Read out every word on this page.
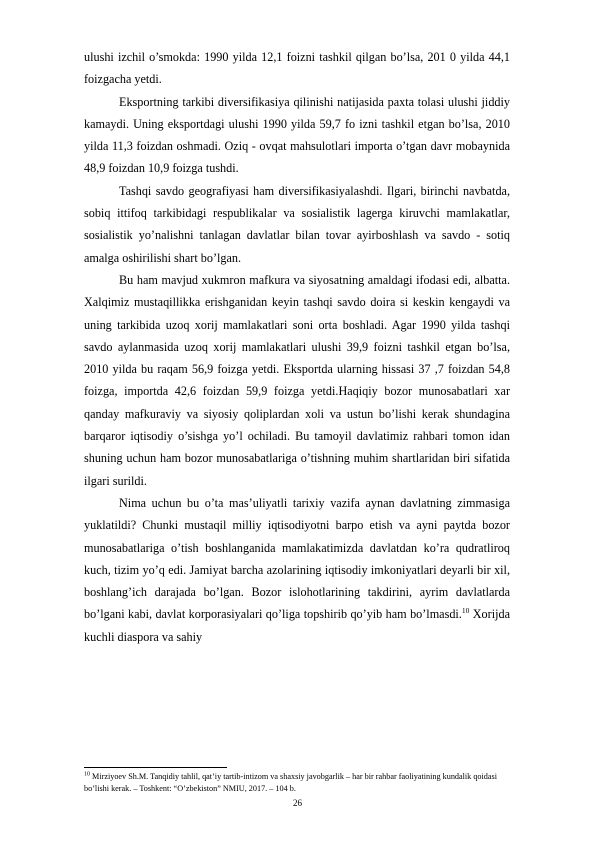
ulushi izchil o’smokda: 1990 yilda 12,1 foizni tashkil qilgan bo’lsa, 201 0 yilda 44,1 foizgacha yetdi.

Eksportning tarkibi diversifikasiya qilinishi natijasida paxta tolasi ulushi jiddiy kamaydi. Uning eksportdagi ulushi 1990 yilda 59,7 fo izni tashkil etgan bo’lsa, 2010 yilda 11,3 foizdan oshmadi. Oziq - ovqat mahsulotlari importa o’tgan davr mobaynida 48,9 foizdan 10,9 foizga tushdi.

Tashqi savdo geografiyasi ham diversifikasiyalashdi. Ilgari, birinchi navbatda, sobiq ittifoq tarkibidagi respublikalar va sosialistik lagerga kiruvchi mamlakatlar, sosialistik yo’nalishni tanlagan davlatlar bilan tovar ayirboshlash va savdo - sotiq amalga oshirilishi shart bo’lgan.

Bu ham mavjud xukmron mafkura va siyosatning amaldagi ifodasi edi, albatta. Xalqimiz mustaqillikka erishganidan keyin tashqi savdo doira si keskin kengaydi va uning tarkibida uzoq xorij mamlakatlari soni orta boshladi. Agar 1990 yilda tashqi savdo aylanmasida uzoq xorij mamlakatlari ulushi 39,9 foizni tashkil etgan bo’lsa, 2010 yilda bu raqam 56,9 foizga yetdi. Eksportda ularning hissasi 37 ,7 foizdan 54,8 foizga, importda 42,6 foizdan 59,9 foizga yetdi.Haqiqiy bozor munosabatlari xar qanday mafkuraviy va siyosiy qoliplardan xoli va ustun bo’lishi kerak shundagina barqaror iqtisodiy o’sishga yo’l ochiladi. Bu tamoyil davlatimiz rahbari tomon idan shuning uchun ham bozor munosabatlariga o’tishning muhim shartlaridan biri sifatida ilgari surildi.

Nima uchun bu o’ta mas’uliyatli tarixiy vazifa aynan davlatning zimmasiga yuklatildi? Chunki mustaqil milliy iqtisodiyotni barpo etish va ayni paytda bozor munosabatlariga o’tish boshlanganida mamlakatimizda davlatdan ko’ra qudratliroq kuch, tizim yo’q edi. Jamiyat barcha azolarining iqtisodiy imkoniyatlari deyarli bir xil, boshlang’ich darajada bo’lgan. Bozor islohotlarining takdirini, ayrim davlatlarda bo’lgani kabi, davlat korporasiyalari qo’liga topshirib qo’yib ham bo’lmasdi.$^{10}$ Xorijda kuchli diaspora va sahiy

$^{10}$ Mirziyoev Sh.M. Tanqidiy tahlil, qat’iy tartib-intizom va shaxsiy javobgarlik – har bir rahbar faoliyatining kundalik qoidasi bo’lishi kerak. – Toshkent: “O’zbekiston” NMIU, 2017. – 104 b.
26
